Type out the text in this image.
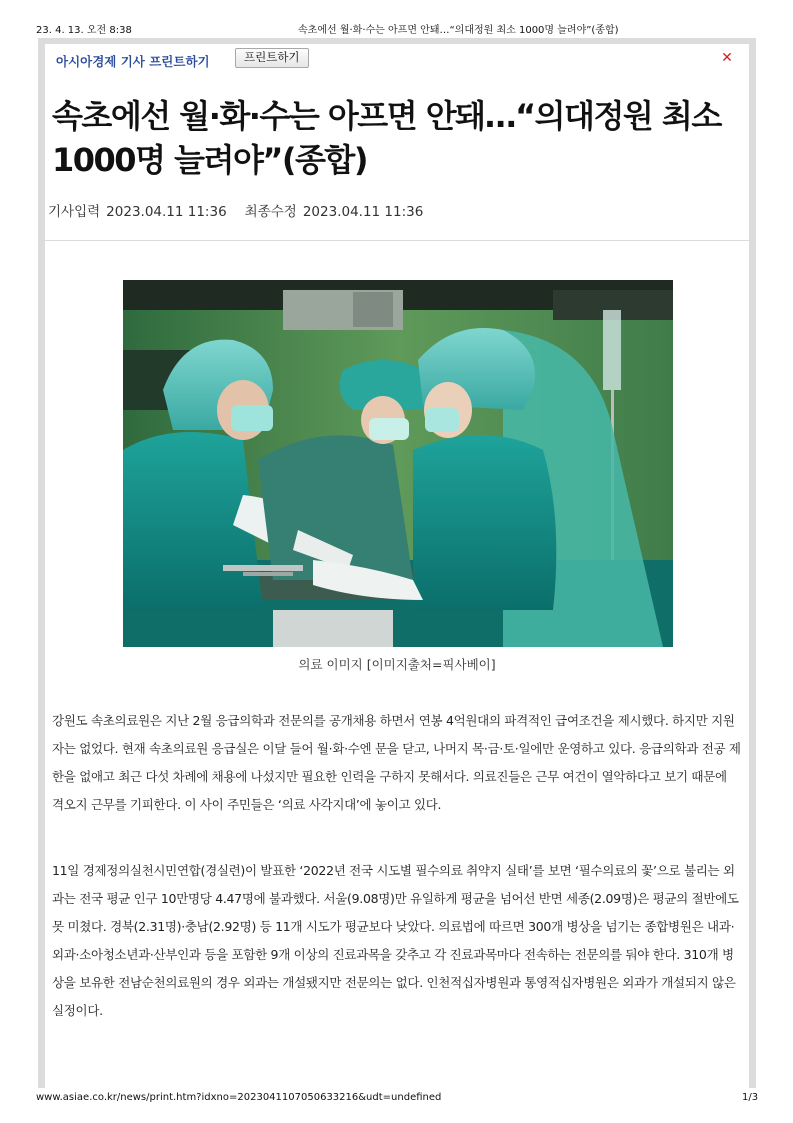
23. 4. 13. 오전 8:38	속초에선 월·화·수는 아프면 안돼…“의대정원 최소 1000명 늘려야”(종합)
아시아경제 기사 프린트하기	프린트하기	✕
속초에선 월·화·수는 아프면 안돼…“의대정원 최소 1000명 늘려야”(종합)
기사입력 2023.04.11 11:36 최종수정 2023.04.11 11:36
의료 이미지 [이미지출처=픽사베이]

강원도 속초의료원은 지난 2월 응급의학과 전문의를 공개채용 하면서 연봉 4억원대의 파격적인 급여조건을 제시했다. 하지만 지원자는 없었다. 현재 속초의료원 응급실은 이달 들어 월·화·수엔 문을 닫고, 나머지 목·금·토·일에만 운영하고 있다. 응급의학과 전공 제한을 없애고 최근 다섯 차례에 채용에 나섰지만 필요한 인력을 구하지 못해서다. 의료진들은 근무 여건이 열악하다고 보기 때문에 격오지 근무를 기피한다. 이 사이 주민들은 ‘의료 사각지대’에 놓이고 있다.

11일 경제정의실천시민연합(경실련)이 발표한 ‘2022년 전국 시도별 필수의료 취약지 실태’를 보면 ‘필수의료의 꽃’으로 불리는 외과는 전국 평균 인구 10만명당 4.47명에 불과했다. 서울(9.08명)만 유일하게 평균을 넘어선 반면 세종(2.09명)은 평균의 절반에도 못 미쳤다. 경북(2.31명)·충남(2.92명) 등 11개 시도가 평균보다 낮았다. 의료법에 따르면 300개 병상을 넘기는 종합병원은 내과·외과·소아청소년과·산부인과 등을 포함한 9개 이상의 진료과목을 갖추고 각 진료과목마다 전속하는 전문의를 둬야 한다. 310개 병상을 보유한 전남순천의료원의 경우 외과는 개설됐지만 전문의는 없다. 인천적십자병원과 통영적십자병원은 외과가 개설되지 않은 실정이다.

www.asiae.co.kr/news/print.htm?idxno=2023041107050633216&udt=undefined	1/3
